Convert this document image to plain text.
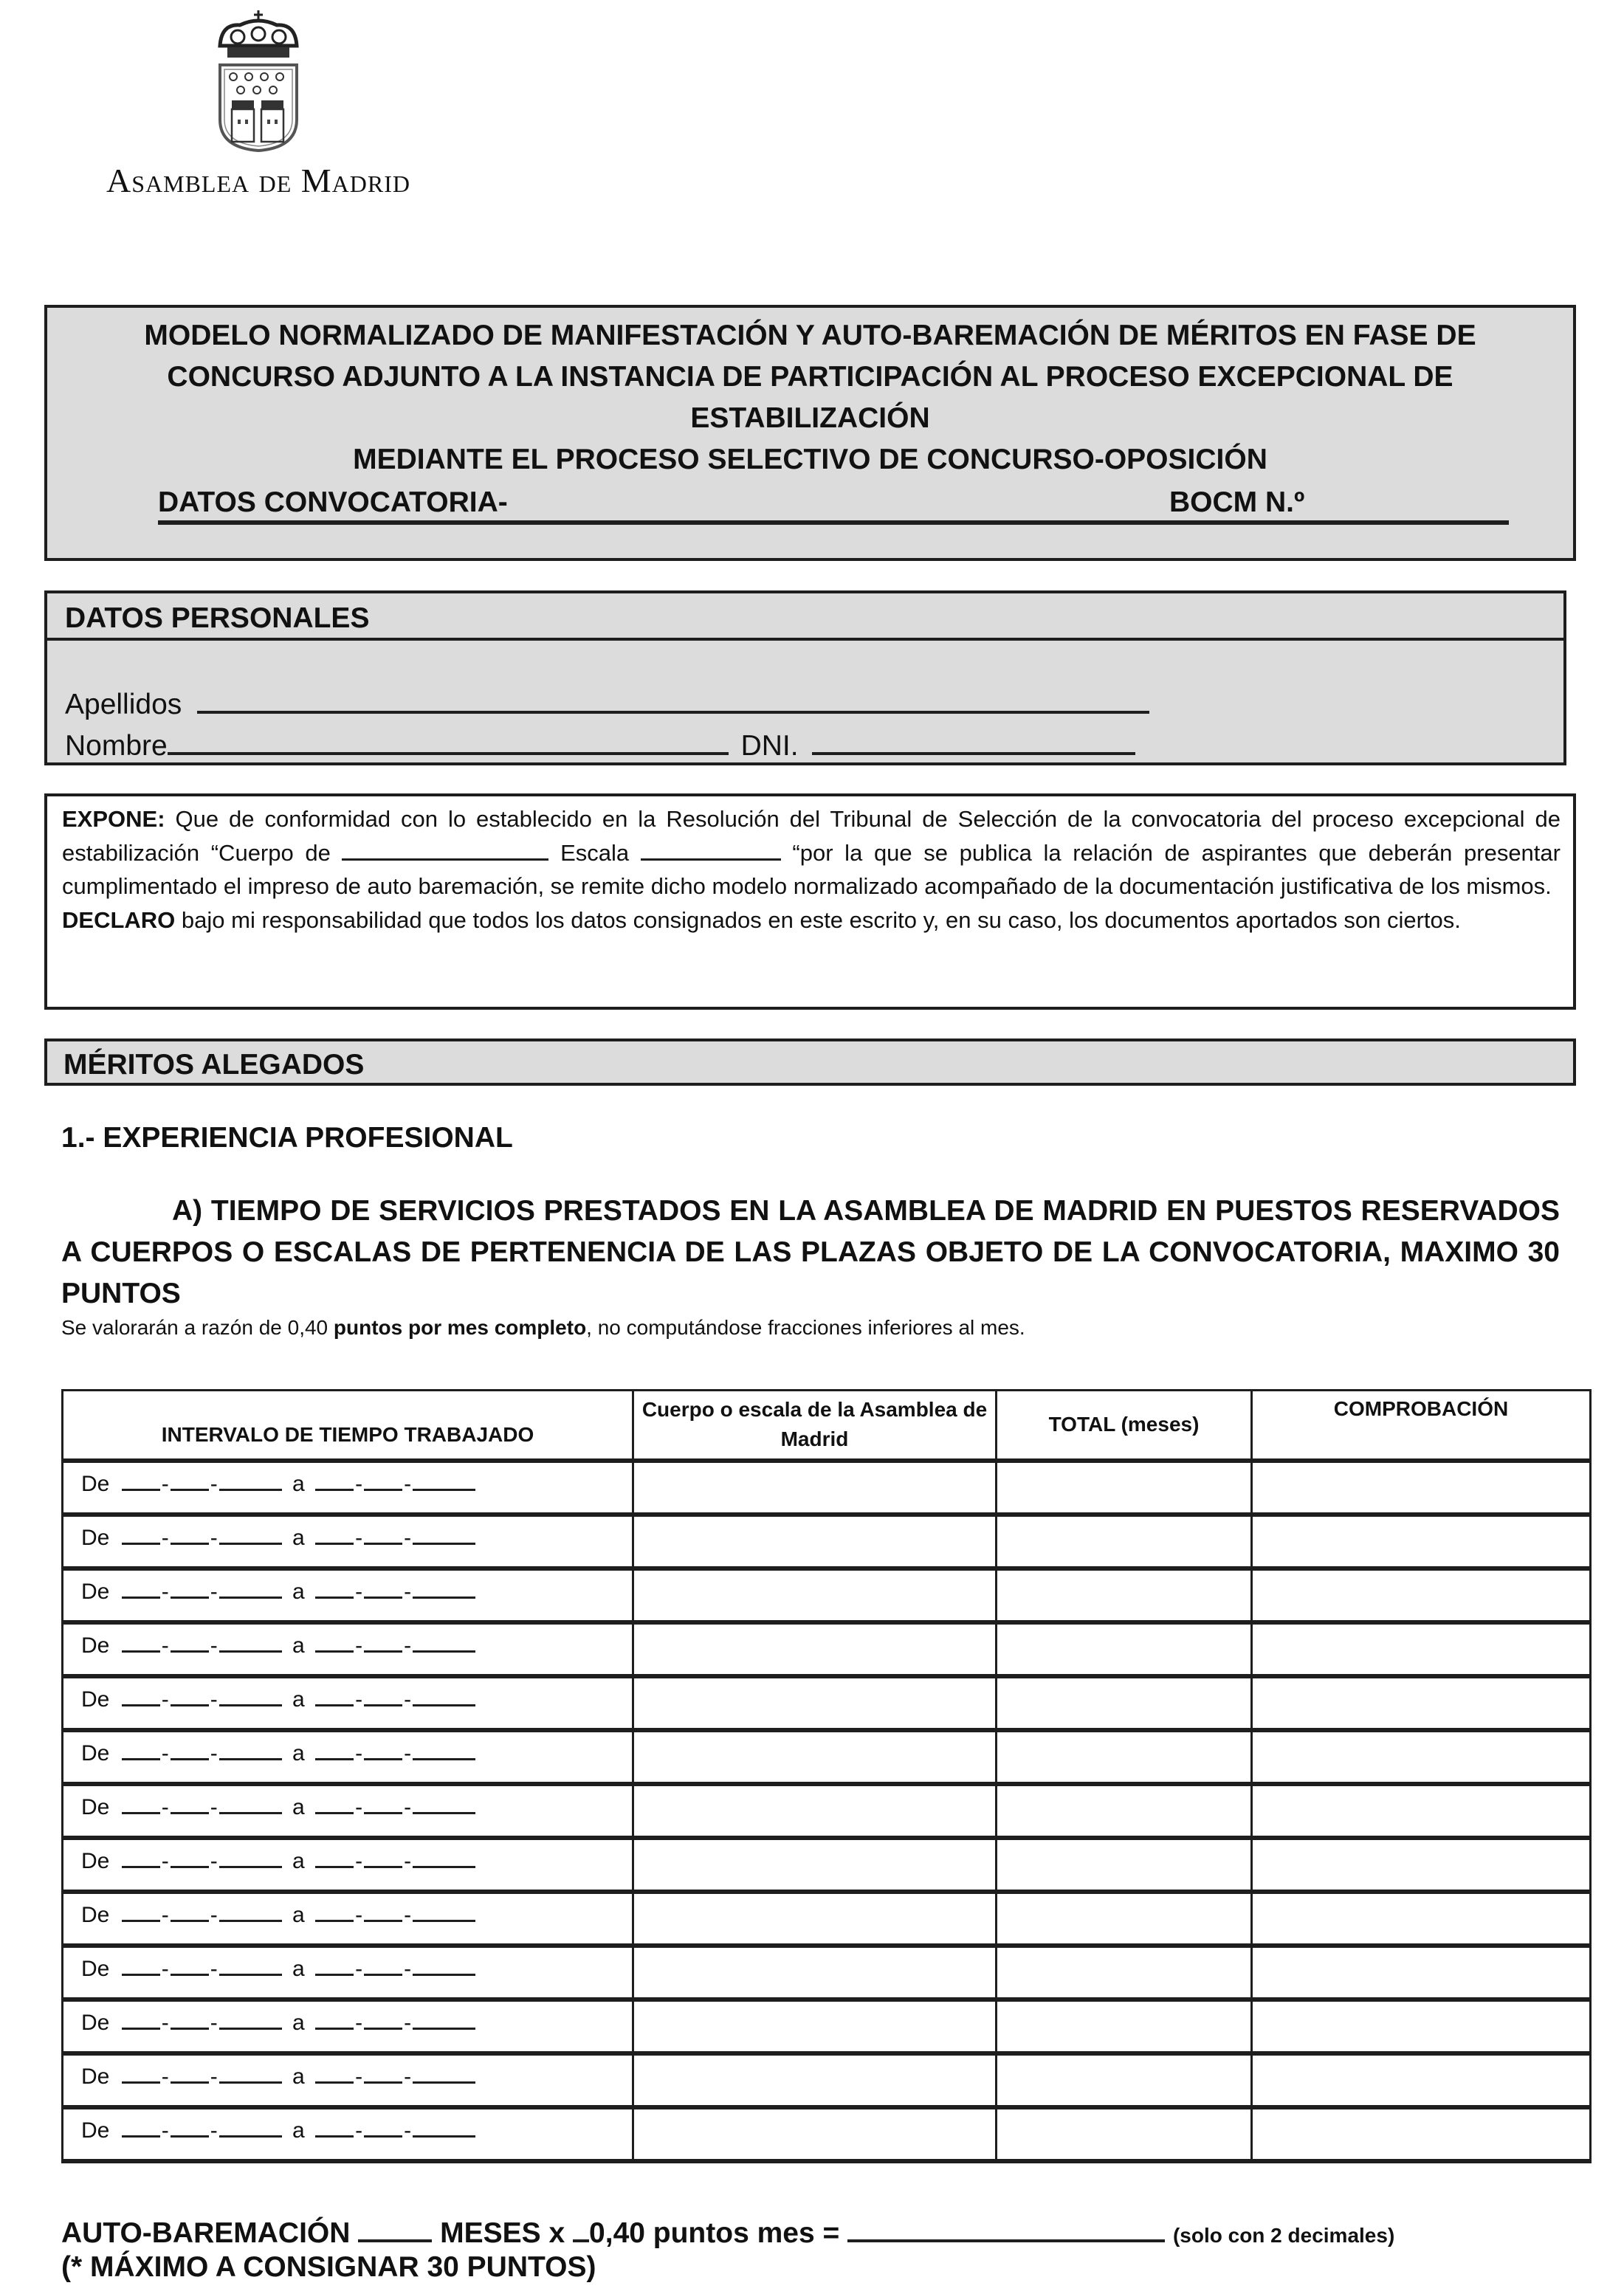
Asamblea de Madrid
MODELO NORMALIZADO DE MANIFESTACIÓN Y AUTO-BAREMACIÓN DE MÉRITOS EN FASE DE
CONCURSO ADJUNTO A LA INSTANCIA DE PARTICIPACIÓN AL PROCESO EXCEPCIONAL DE ESTABILIZACIÓN
MEDIANTE EL PROCESO SELECTIVO DE CONCURSO-OPOSICIÓN
DATOS CONVOCATORIA-	BOCM N.º
DATOS PERSONALES
Apellidos
Nombre	DNI.

EXPONE: Que de conformidad con lo establecido en la Resolución del Tribunal de Selección de la convocatoria del proceso excepcional de estabilización “Cuerpo de	Escala	“por la que se publica la relación de aspirantes que deberán presentar cumplimentado el impreso de auto baremación, se remite dicho modelo normalizado acompañado de la documentación justificativa de los mismos.

DECLARO bajo mi responsabilidad que todos los datos consignados en este escrito y, en su caso, los documentos aportados son ciertos.

MÉRITOS ALEGADOS
1.- EXPERIENCIA PROFESIONAL
A) TIEMPO DE SERVICIOS PRESTADOS EN LA ASAMBLEA DE MADRID EN PUESTOS RESERVADOS A CUERPOS O ESCALAS DE PERTENENCIA DE LAS PLAZAS OBJETO DE LA CONVOCATORIA, MAXIMO 30 PUNTOS
Se valorarán a razón de 0,40 puntos por mes completo, no computándose fracciones inferiores al mes.
INTERVALO DE TIEMPO TRABAJADO	Cuerpo o escala de la Asamblea de Madrid	TOTAL (meses)	COMPROBACIÓN
De - - a - -			
De - - a - -			
De - - a - -			
De - - a - -			
De - - a - -			
De - - a - -			
De - - a - -			
De - - a - -			
De - - a - -			
De - - a - -			
De - - a - -			
De - - a - -			
De - - a - -			
AUTO-BAREMACIÓN	MESES x 0,40 puntos mes =	(solo con 2 decimales)
(* MÁXIMO A CONSIGNAR 30 PUNTOS)
